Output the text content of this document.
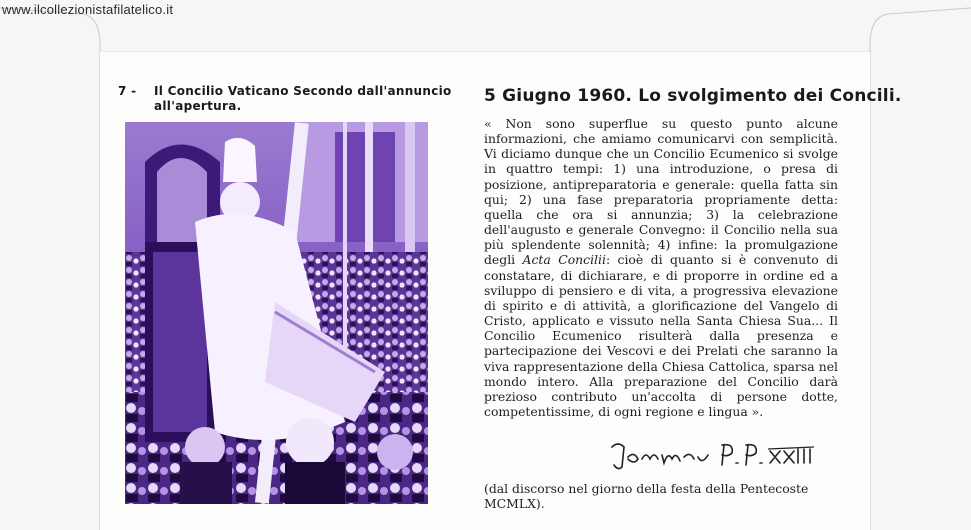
www.ilcollezionistafilatelico.it
7 - Il Concilio Vaticano Secondo dall'annuncio all'apertura.	5 Giugno 1960. Lo svolgimento dei Concili.

« Non sono superflue su questo punto alcune informazioni, che amiamo comunicarvi con semplicità. Vi diciamo dunque che un Concilio Ecumenico si svolge in quattro tempi: 1) una introduzione, o presa di posizione, antipreparatoria e generale: quella fatta sin qui; 2) una fase preparatoria propriamente detta: quella che ora si annunzia; 3) la celebrazione dell'augusto e generale Convegno: il Concilio nella sua più splendente solennità; 4) infine: la promulgazione degli Acta Concilii: cioè di quanto si è convenuto di constatare, di dichiarare, e di proporre in ordine ed a sviluppo di pensiero e di vita, a progressiva elevazione di spirito e di attività, a glorificazione del Vangelo di Cristo, applicato e vissuto nella Santa Chiesa Sua... Il Concilio Ecumenico risulterà dalla presenza e partecipazione dei Vescovi e dei Prelati che saranno la viva rappresentazione della Chiesa Cattolica, sparsa nel mondo intero. Alla preparazione del Concilio darà prezioso contributo un'accolta di persone dotte, competentissime, di ogni regione e lingua ».

(dal discorso nel giorno della festa della Pentecoste MCMLX).
